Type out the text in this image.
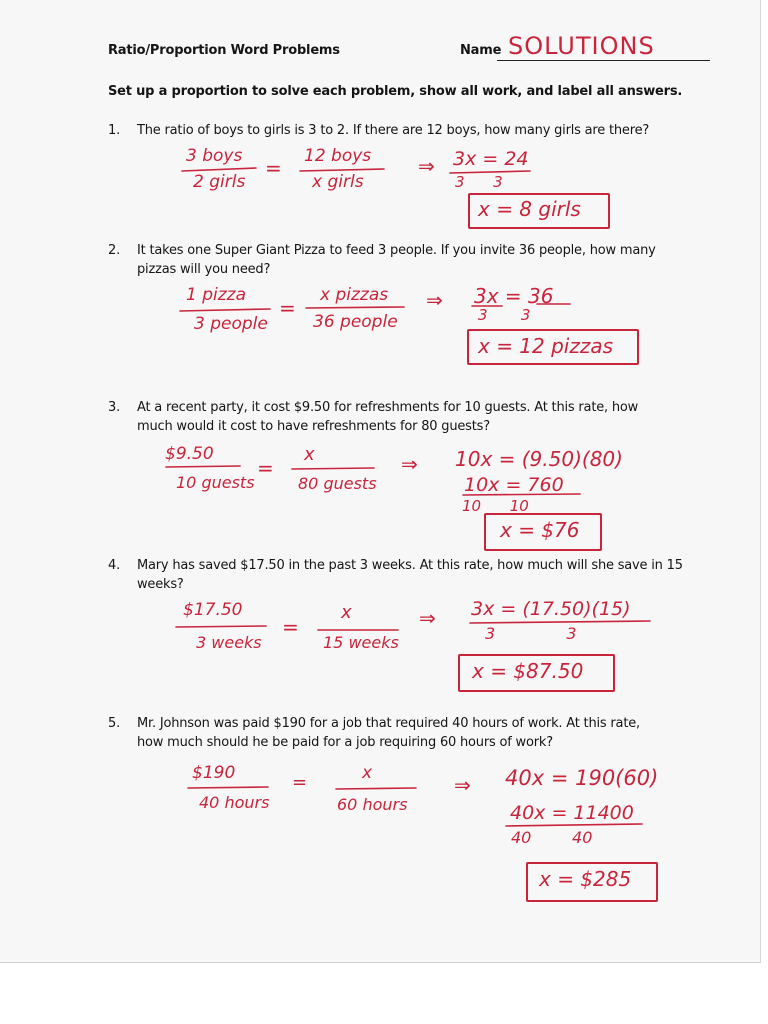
Ratio/Proportion Word Problems	Name SOLUTIONS
Set up a proportion to solve each problem, show all work, and label all answers.
1. The ratio of boys to girls is 3 to 2. If there are 12 boys, how many girls are there?
3 boys
2 girls
= 12 boys
x girls
⇒ 3x = 24
3      3
x = 8 girls
2. It takes one Super Giant Pizza to feed 3 people. If you invite 36 people, how many
pizzas will you need?
1 pizza
3 people
=
x pizzas
36 people
⇒ 3x = 36
3       3
x = 12 pizzas
3. At a recent party, it cost $9.50 for refreshments for 10 guests. At this rate, how
much would it cost to have refreshments for 80 guests?
$9.50
10 guests
=
x
80 guests
⇒ 10x = (9.50)(80)
10x = 760
10      10
x = $76
4. Mary has saved $17.50 in the past 3 weeks. At this rate, how much will she save in 15
weeks?
$17.50
3 weeks
=
x
15 weeks
⇒ 3x = (17.50)(15)
3              3
x = $87.50
5. Mr. Johnson was paid $190 for a job that required 40 hours of work. At this rate,
how much should he be paid for a job requiring 60 hours of work?
$190
40 hours
=	x
60 hours
⇒ 40x = 190(60)
40x = 11400
40        40
x = $285
